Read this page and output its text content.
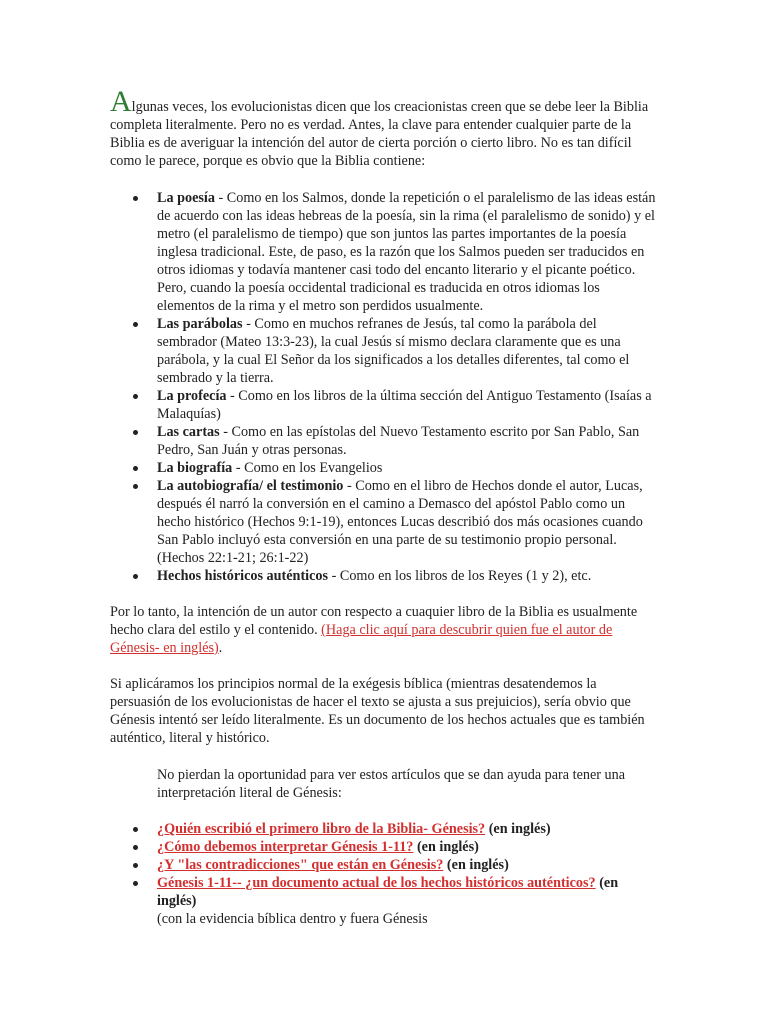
Algunas veces, los evolucionistas dicen que los creacionistas creen que se debe leer la Biblia completa literalmente. Pero no es verdad. Antes, la clave para entender cualquier parte de la Biblia es de averiguar la intención del autor de cierta porción o cierto libro. No es tan difícil como le parece, porque es obvio que la Biblia contiene:

La poesía - Como en los Salmos, donde la repetición o el paralelismo de las ideas están de acuerdo con las ideas hebreas de la poesía, sin la rima (el paralelismo de sonido) y el metro (el paralelismo de tiempo) que son juntos las partes importantes de la poesía inglesa tradicional. Este, de paso, es la razón que los Salmos pueden ser traducidos en otros idiomas y todavía mantener casi todo del encanto literario y el picante poético. Pero, cuando la poesía occidental tradicional es traducida en otros idiomas los elementos de la rima y el metro son perdidos usualmente.
Las parábolas - Como en muchos refranes de Jesús, tal como la parábola del sembrador (Mateo 13:3-23), la cual Jesús sí mismo declara claramente que es una parábola, y la cual El Señor da los significados a los detalles diferentes, tal como el sembrado y la tierra.
La profecía - Como en los libros de la última sección del Antiguo Testamento (Isaías a Malaquías)
Las cartas - Como en las epístolas del Nuevo Testamento escrito por San Pablo, San Pedro, San Juán y otras personas.
La biografía - Como en los Evangelios
La autobiografía/ el testimonio - Como en el libro de Hechos donde el autor, Lucas, después él narró la conversión en el camino a Demasco del apóstol Pablo como un hecho histórico (Hechos 9:1-19), entonces Lucas describió dos más ocasiones cuando San Pablo incluyó esta conversión en una parte de su testimonio propio personal. (Hechos 22:1-21; 26:1-22)
Hechos históricos auténticos - Como en los libros de los Reyes (1 y 2), etc.

Por lo tanto, la intención de un autor con respecto a cuaquier libro de la Biblia es usualmente hecho clara del estilo y el contenido. (Haga clic aquí para descubrir quien fue el autor de Génesis- en inglés).

Si aplicáramos los principios normal de la exégesis bíblica (mientras desatendemos la persuasión de los evolucionistas de hacer el texto se ajusta a sus prejuicios), sería obvio que Génesis intentó ser leído literalmente. Es un documento de los hechos actuales que es también auténtico, literal y histórico.

No pierdan la oportunidad para ver estos artículos que se dan ayuda para tener una interpretación literal de Génesis:

¿Quién escribió el primero libro de la Biblia- Génesis? (en inglés)
¿Cómo debemos interpretar Génesis 1-11? (en inglés)
¿Y "las contradicciones" que están en Génesis? (en inglés)
Génesis 1-11-- ¿un documento actual de los hechos históricos auténticos? (en inglés)
(con la evidencia bíblica dentro y fuera Génesis
